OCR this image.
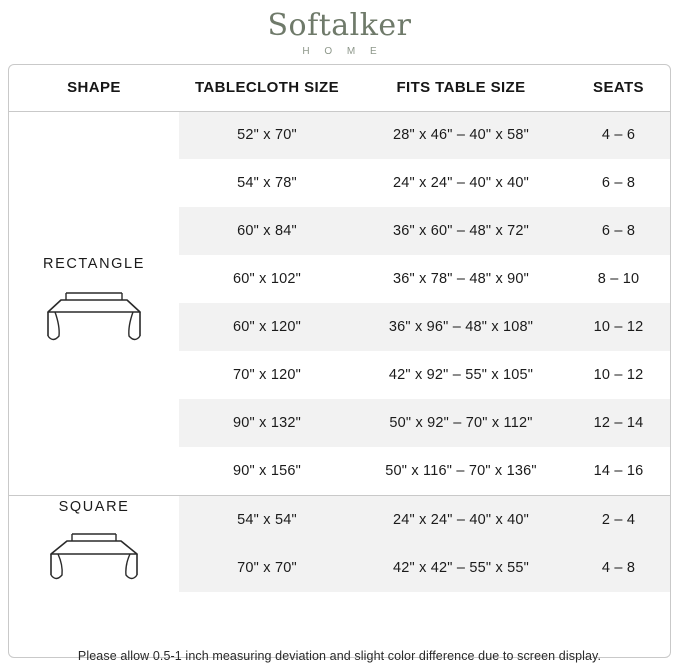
Softalker
H O M E
SHAPE	TABLECLOTH SIZE	FITS TABLE SIZE	SEATS

RECTANGLE	52" x 70"	28" x 46" – 40" x 58"	4 – 6
	54" x 78"	24" x 24" – 40" x 40"	6 – 8
	60" x 84"	36" x 60" – 48" x 72"	6 – 8
	60" x 102"	36" x 78" – 48" x 90"	8 – 10
	60" x 120"	36" x 96" – 48" x 108"	10 – 12
	70" x 120"	42" x 92" – 55" x 105"	10 – 12
	90" x 132"	50" x 92" – 70" x 112"	12 – 14
	90" x 156"	50" x 116" – 70" x 136"	14 – 16

SQUARE	54" x 54"	24" x 24" – 40" x 40"	2 – 4
	70" x 70"	42" x 42" – 55" x 55"	4 – 8
Please allow 0.5-1 inch measuring deviation and slight color difference due to screen display.
